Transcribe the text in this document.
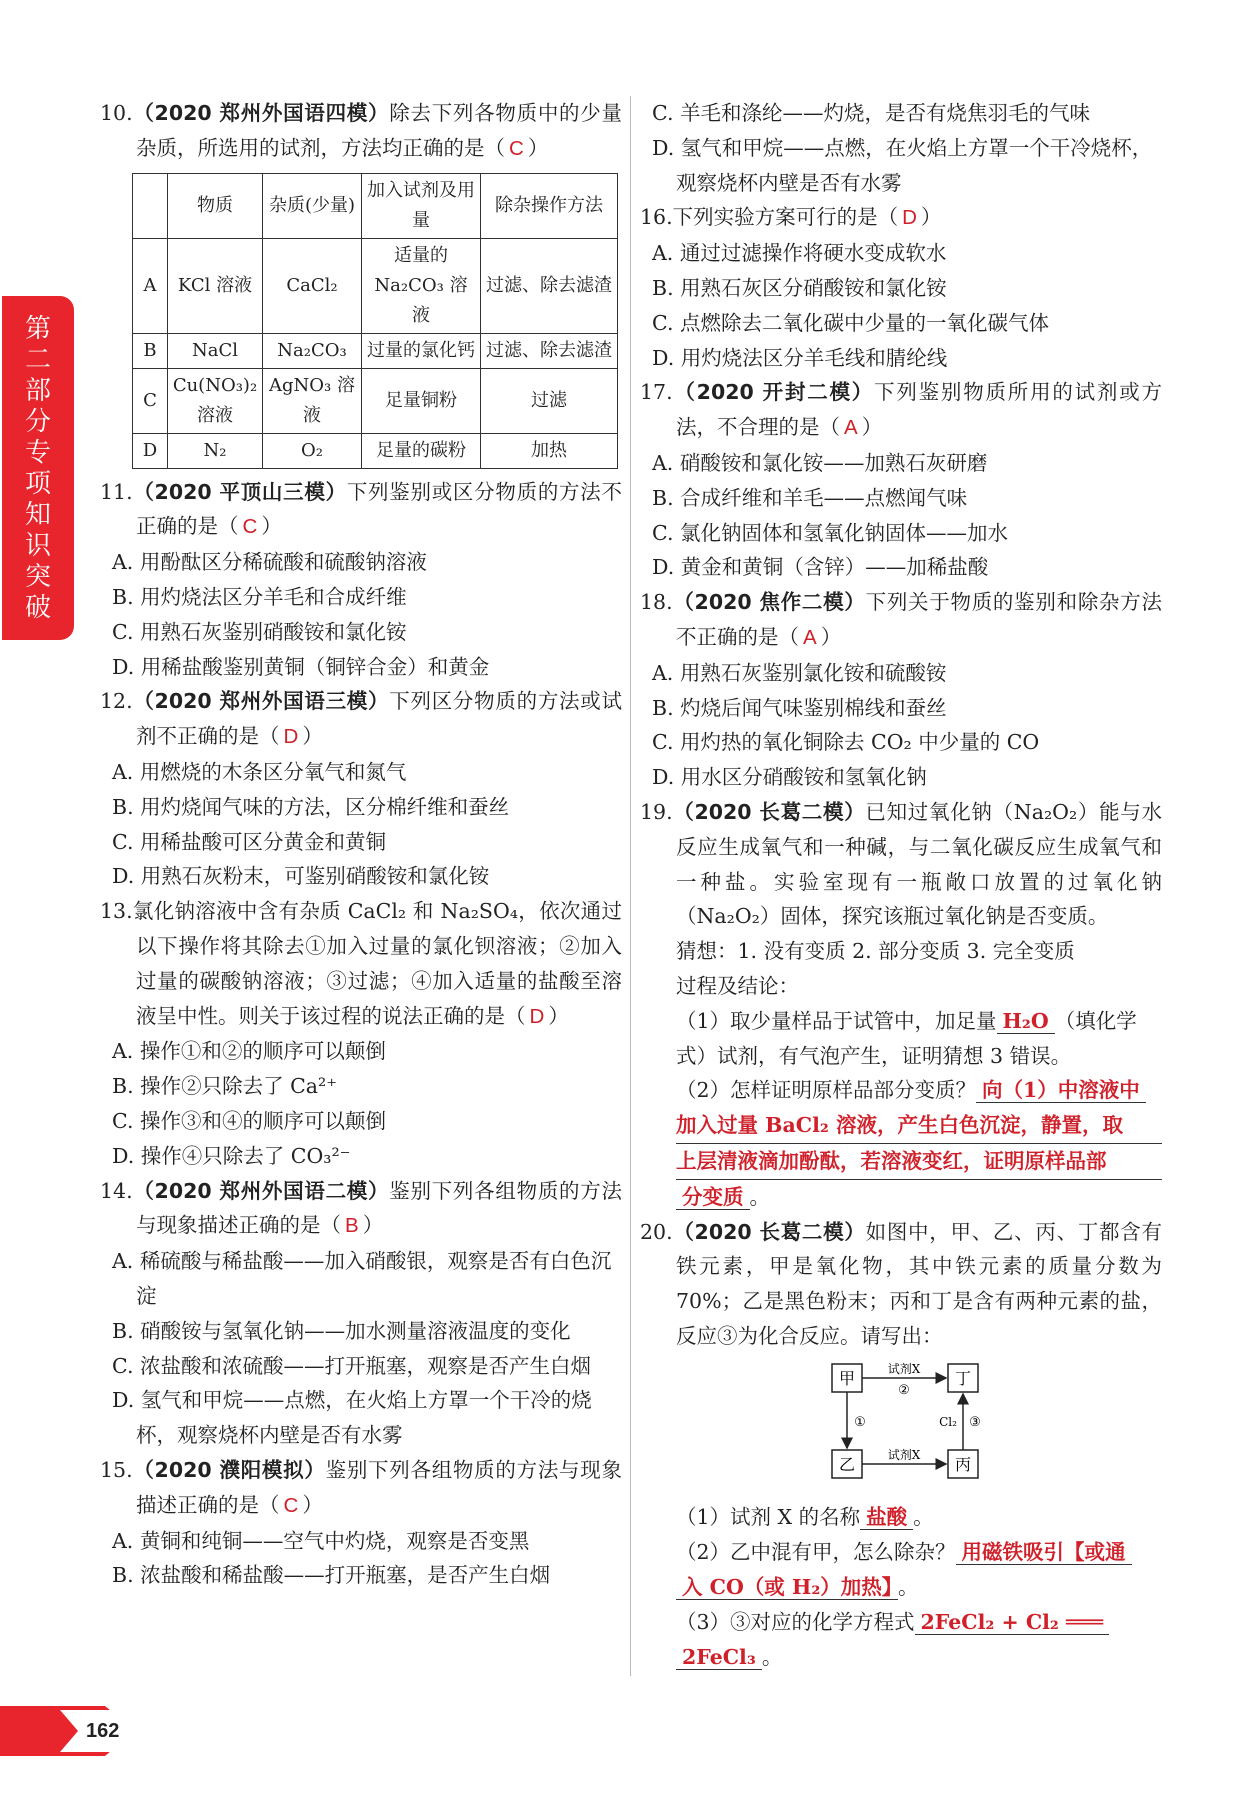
第二部分 专项知识突破
162

10.（2020 郑州外国语四模）除去下列各物质中的少量杂质，所选用的试剂，方法均正确的是（ C ）

	物质	杂质(少量)	加入试剂及用量	除杂操作方法
A	KCl 溶液	CaCl₂	适量的 Na₂CO₃ 溶液	过滤、除去滤渣
B	NaCl	Na₂CO₃	过量的氯化钙	过滤、除去滤渣
C	Cu(NO₃)₂ 溶液	AgNO₃ 溶液	足量铜粉	过滤
D	N₂	O₂	足量的碳粉	加热

11.（2020 平顶山三模）下列鉴别或区分物质的方法不正确的是（ C ）

A. 用酚酞区分稀硫酸和硫酸钠溶液

B. 用灼烧法区分羊毛和合成纤维

C. 用熟石灰鉴别硝酸铵和氯化铵

D. 用稀盐酸鉴别黄铜（铜锌合金）和黄金

12.（2020 郑州外国语三模）下列区分物质的方法或试剂不正确的是（ D ）

A. 用燃烧的木条区分氧气和氮气

B. 用灼烧闻气味的方法，区分棉纤维和蚕丝

C. 用稀盐酸可区分黄金和黄铜

D. 用熟石灰粉末，可鉴别硝酸铵和氯化铵

13.氯化钠溶液中含有杂质 CaCl₂ 和 Na₂SO₄，依次通过以下操作将其除去①加入过量的氯化钡溶液；②加入过量的碳酸钠溶液；③过滤；④加入适量的盐酸至溶液呈中性。则关于该过程的说法正确的是（ D ）

A. 操作①和②的顺序可以颠倒

B. 操作②只除去了 Ca²⁺

C. 操作③和④的顺序可以颠倒

D. 操作④只除去了 CO₃²⁻

14.（2020 郑州外国语二模）鉴别下列各组物质的方法与现象描述正确的是（ B ）

A. 稀硫酸与稀盐酸——加入硝酸银，观察是否有白色沉淀

B. 硝酸铵与氢氧化钠——加水测量溶液温度的变化

C. 浓盐酸和浓硫酸——打开瓶塞，观察是否产生白烟

D. 氢气和甲烷——点燃，在火焰上方罩一个干冷的烧杯，观察烧杯内壁是否有水雾

15.（2020 濮阳模拟）鉴别下列各组物质的方法与现象描述正确的是（ C ）

A. 黄铜和纯铜——空气中灼烧，观察是否变黑

B. 浓盐酸和稀盐酸——打开瓶塞，是否产生白烟

C. 羊毛和涤纶——灼烧，是否有烧焦羽毛的气味

D. 氢气和甲烷——点燃，在火焰上方罩一个干冷烧杯，观察烧杯内壁是否有水雾

16.下列实验方案可行的是（ D ）

A. 通过过滤操作将硬水变成软水

B. 用熟石灰区分硝酸铵和氯化铵

C. 点燃除去二氧化碳中少量的一氧化碳气体

D. 用灼烧法区分羊毛线和腈纶线

17.（2020 开封二模）下列鉴别物质所用的试剂或方法，不合理的是（ A ）

A. 硝酸铵和氯化铵——加熟石灰研磨

B. 合成纤维和羊毛——点燃闻气味

C. 氯化钠固体和氢氧化钠固体——加水

D. 黄金和黄铜（含锌）——加稀盐酸

18.（2020 焦作二模）下列关于物质的鉴别和除杂方法不正确的是（ A ）

A. 用熟石灰鉴别氯化铵和硫酸铵

B. 灼烧后闻气味鉴别棉线和蚕丝

C. 用灼热的氧化铜除去 CO₂ 中少量的 CO

D. 用水区分硝酸铵和氢氧化钠

19.（2020 长葛二模）已知过氧化钠（Na₂O₂）能与水反应生成氧气和一种碱，与二氧化碳反应生成氧气和一种盐。实验室现有一瓶敞口放置的过氧化钠（Na₂O₂）固体，探究该瓶过氧化钠是否变质。

猜想：1. 没有变质 2. 部分变质 3. 完全变质

过程及结论：

（1）取少量样品于试管中，加足量 H₂O （填化学式）试剂，有气泡产生，证明猜想 3 错误。

（2）怎样证明原样品部分变质？ 向（1）中溶液中

加入过量 BaCl₂ 溶液，产生白色沉淀，静置，取
上层清液滴加酚酞，若溶液变红，证明原样品部

分变质 。

20.（2020 长葛二模）如图中，甲、乙、丙、丁都含有铁元素，甲是氧化物，其中铁元素的质量分数为70%；乙是黑色粉末；丙和丁是含有两种元素的盐，反应③为化合反应。请写出：

甲	丁
乙	丙
试剂X
②
①
试剂X
Cl₂ ③

（1）试剂 X 的名称 盐酸 。

（2）乙中混有甲，怎么除杂？ 用磁铁吸引【或通

入 CO（或 H₂）加热】 。

（3）③对应的化学方程式 2FeCl₂ + Cl₂ ═══

2FeCl₃ 。
